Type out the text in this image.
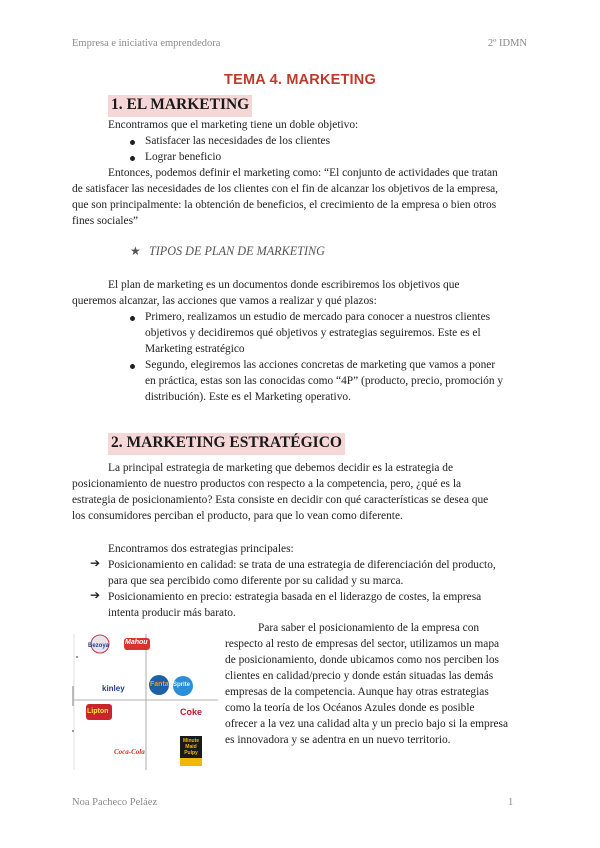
Empresa e iniciativa emprendedora	2º IDMN
TEMA 4. MARKETING
1. EL MARKETING
Encontramos que el marketing tiene un doble objetivo:
Satisfacer las necesidades de los clientes
Lograr beneficio
Entonces, podemos definir el marketing como: “El conjunto de actividades que tratan
de satisfacer las necesidades de los clientes con el fin de alcanzar los objetivos de la empresa,
que son principalmente: la obtención de beneficios, el crecimiento de la empresa o bien otros
fines sociales”
★ TIPOS DE PLAN DE MARKETING
El plan de marketing es un documentos donde escribiremos los objetivos que
queremos alcanzar, las acciones que vamos a realizar y qué plazos:
Primero, realizamos un estudio de mercado para conocer a nuestros clientes
objetivos y decidiremos qué objetivos y estrategias seguiremos. Este es el
Marketing estratégico
Segundo, elegiremos las acciones concretas de marketing que vamos a poner
en práctica, estas son las conocidas como “4P” (producto, precio, promoción y
distribución). Este es el Marketing operativo.
2. MARKETING ESTRATÉGICO
La principal estrategia de marketing que debemos decidir es la estrategia de
posicionamiento de nuestro productos con respecto a la competencia, pero, ¿qué es la
estrategia de posicionamiento? Esta consiste en decidir con qué características se desea que
los consumidores perciban el producto, para que lo vean como diferente.
Encontramos dos estrategias principales:
➔ Posicionamiento en calidad: se trata de una estrategia de diferenciación del producto,
para que sea percibido como diferente por su calidad y su marca.
➔ Posicionamiento en precio: estrategia basada en el liderazgo de costes, la empresa
intenta producir más barato.
Bezoya Mahou
kinley	Fanta Sprite
Lipton	Coke
Coca-Cola
Minute Maid Pulpy
Para saber el posicionamiento de la empresa con
respecto al resto de empresas del sector, utilizamos un mapa
de posicionamiento, donde ubicamos como nos perciben los
clientes en calidad/precio y donde están situadas las demás
empresas de la competencia. Aunque hay otras estrategias
como la teoría de los Océanos Azules donde es posible
ofrecer a la vez una calidad alta y un precio bajo si la empresa
es innovadora y se adentra en un nuevo territorio.
Noa Pacheco Peláez	1
